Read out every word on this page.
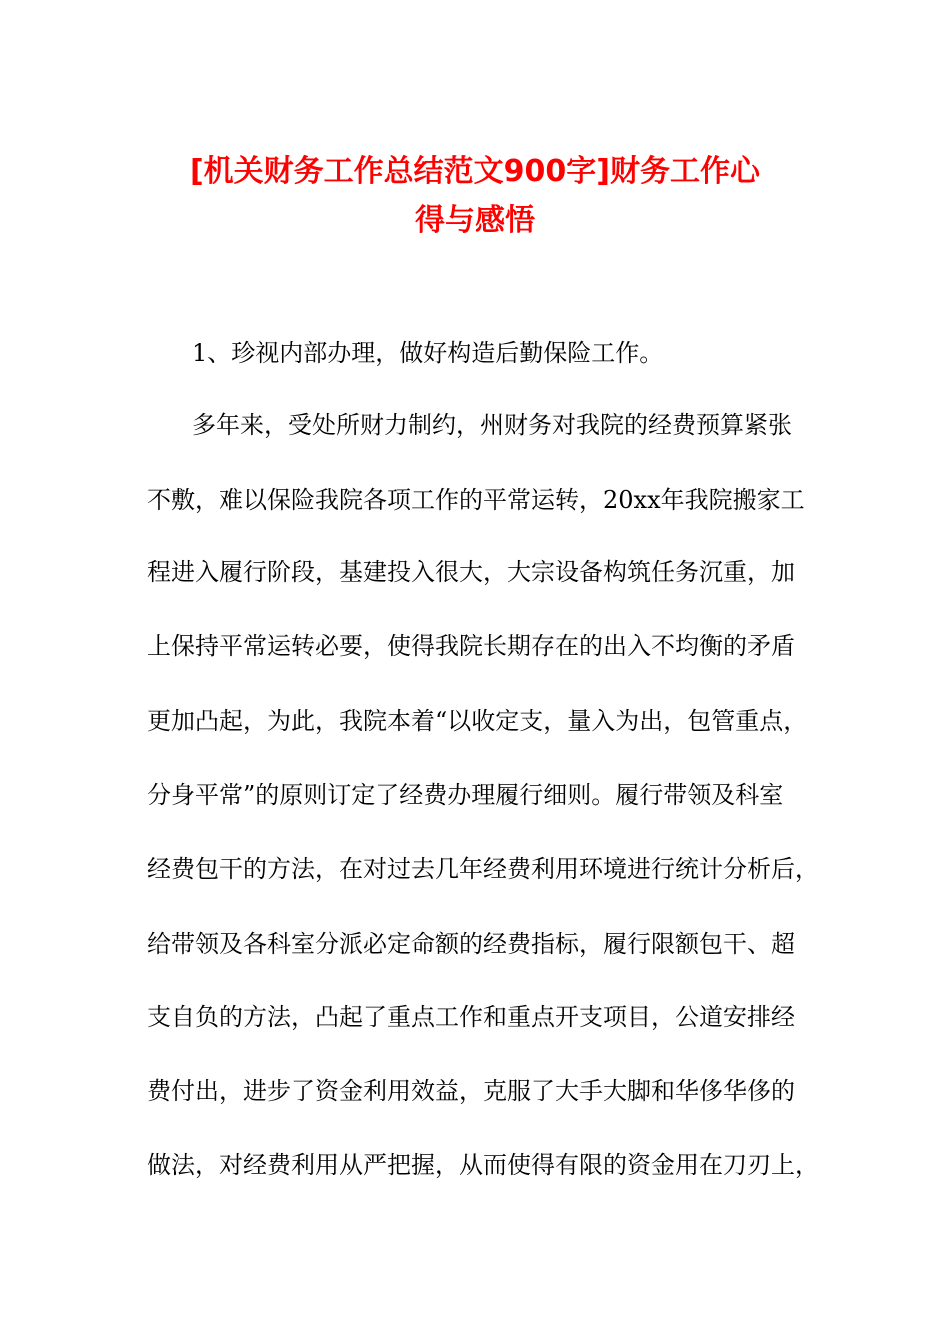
[机关财务工作总结范文900字]财务工作心
得与感悟

1、珍视内部办理，做好构造后勤保险工作。

多年来，受处所财力制约，州财务对我院的经费预算紧张

不敷，难以保险我院各项工作的平常运转，20xx年我院搬家工

程进入履行阶段，基建投入很大，大宗设备构筑任务沉重，加

上保持平常运转必要，使得我院长期存在的出入不均衡的矛盾

更加凸起，为此，我院本着“以收定支，量入为出，包管重点，

分身平常”的原则订定了经费办理履行细则。履行带领及科室

经费包干的方法，在对过去几年经费利用环境进行统计分析后，

给带领及各科室分派必定命额的经费指标，履行限额包干、超

支自负的方法，凸起了重点工作和重点开支项目，公道安排经

费付出，进步了资金利用效益，克服了大手大脚和华侈华侈的

做法，对经费利用从严把握，从而使得有限的资金用在刀刃上，
